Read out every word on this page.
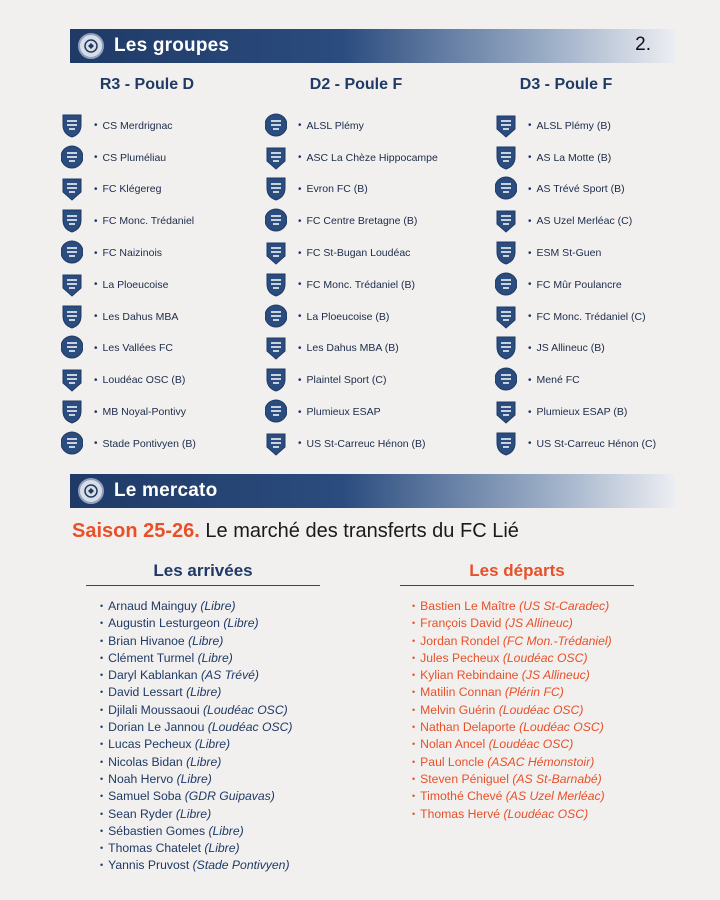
Les groupes	2.
R3 - Poule D	D2 - Poule F	D3 - Poule F
• CS Merdrignac
• CS Pluméliau
• FC Klégereg
• FC Monc. Trédaniel
• FC Naizinois
• La Ploeucoise
• Les Dahus MBA
• Les Vallées FC
• Loudéac OSC (B)
• MB Noyal-Pontivy
• Stade Pontivyen (B)
• ALSL Plémy
• ASC La Chèze Hippocampe
• Evron FC (B)
• FC Centre Bretagne (B)
• FC St-Bugan Loudéac
• FC Monc. Trédaniel (B)
• La Ploeucoise (B)
• Les Dahus MBA (B)
• Plaintel Sport (C)
• Plumieux ESAP
• US St-Carreuc Hénon (B)
• ALSL Plémy (B)
• AS La Motte (B)
• AS Trévé Sport (B)
• AS Uzel Merléac (C)
• ESM St-Guen
• FC Mûr Poulancre
• FC Monc. Trédaniel (C)
• JS Allineuc (B)
• Mené FC
• Plumieux ESAP (B)
• US St-Carreuc Hénon (C)
Le mercato
Saison 25-26. Le marché des transferts du FC Lié
Les arrivées	Les départs
• Arnaud Mainguy (Libre)
• Augustin Lesturgeon (Libre)
• Brian Hivanoe (Libre)
• Clément Turmel (Libre)
• Daryl Kablankan (AS Trévé)
• David Lessart (Libre)
• Djilali Moussaoui (Loudéac OSC)
• Dorian Le Jannou (Loudéac OSC)
• Lucas Pecheux (Libre)
• Nicolas Bidan (Libre)
• Noah Hervo (Libre)
• Samuel Soba (GDR Guipavas)
• Sean Ryder (Libre)
• Sébastien Gomes (Libre)
• Thomas Chatelet (Libre)
• Yannis Pruvost (Stade Pontivyen)
• Bastien Le Maître (US St-Caradec)
• François David (JS Allineuc)
• Jordan Rondel (FC Mon.-Trédaniel)
• Jules Pecheux (Loudéac OSC)
• Kylian Rebindaine (JS Allineuc)
• Matilin Connan (Plérin FC)
• Melvin Guérin (Loudéac OSC)
• Nathan Delaporte (Loudéac OSC)
• Nolan Ancel (Loudéac OSC)
• Paul Loncle (ASAC Hémonstoir)
• Steven Péniguel (AS St-Barnabé)
• Timothé Chevé (AS Uzel Merléac)
• Thomas Hervé (Loudéac OSC)
